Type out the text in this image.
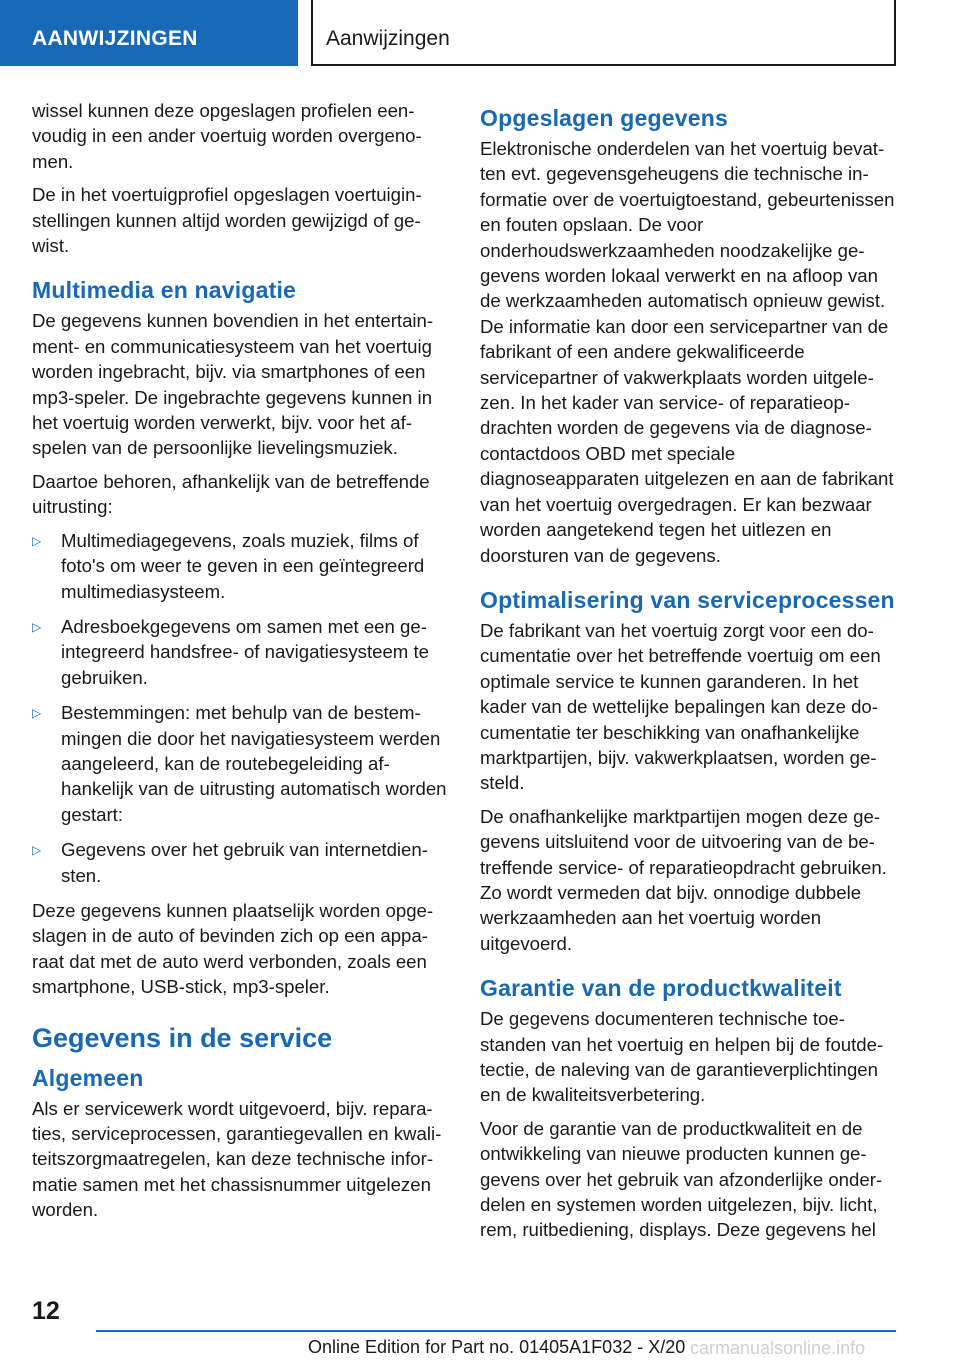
AANWIJZINGEN	Aanwijzingen

wissel kunnen deze opgeslagen profielen eenvoudig in een ander voertuig worden overgenomen.

De in het voertuigprofiel opgeslagen voertuiginstellingen kunnen altijd worden gewijzigd of gewist.

Multimedia en navigatie

De gegevens kunnen bovendien in het entertainment- en communicatiesysteem van het voertuig worden ingebracht, bijv. via smartphones of een mp3-speler. De ingebrachte gegevens kunnen in het voertuig worden verwerkt, bijv. voor het afspelen van de persoonlijke lievelingsmuziek.

Daartoe behoren, afhankelijk van de betreffende uitrusting:

▷ Multimediagegevens, zoals muziek, films of foto's om weer te geven in een geïntegreerd multimediasysteem.
▷ Adresboekgegevens om samen met een geintegreerd handsfree- of navigatiesysteem te gebruiken.
▷ Bestemmingen: met behulp van de bestemmingen die door het navigatiesysteem werden aangeleerd, kan de routebegeleiding afhankelijk van de uitrusting automatisch worden gestart:
▷ Gegevens over het gebruik van internetdiensten.

Deze gegevens kunnen plaatselijk worden opgeslagen in de auto of bevinden zich op een apparaat dat met de auto werd verbonden, zoals een smartphone, USB-stick, mp3-speler.

Gegevens in de service
Algemeen

Als er servicewerk wordt uitgevoerd, bijv. reparaties, serviceprocessen, garantiegevallen en kwaliteitszorgmaatregelen, kan deze technische informatie samen met het chassisnummer uitgelezen worden.

Opgeslagen gegevens

Elektronische onderdelen van het voertuig bevatten evt. gegevensgeheugens die technische informatie over de voertuigtoestand, gebeurtenissen en fouten opslaan. De voor onderhoudswerkzaamheden noodzakelijke gegevens worden lokaal verwerkt en na afloop van de werkzaamheden automatisch opnieuw gewist. De informatie kan door een servicepartner van de fabrikant of een andere gekwalificeerde servicepartner of vakwerkplaats worden uitgelezen. In het kader van service- of reparatieopdrachten worden de gegevens via de diagnosecontactdoos OBD met speciale diagnoseapparaten uitgelezen en aan de fabrikant van het voertuig overgedragen. Er kan bezwaar worden aangetekend tegen het uitlezen en doorsturen van de gegevens.

Optimalisering van serviceprocessen

De fabrikant van het voertuig zorgt voor een documentatie over het betreffende voertuig om een optimale service te kunnen garanderen. In het kader van de wettelijke bepalingen kan deze documentatie ter beschikking van onafhankelijke marktpartijen, bijv. vakwerkplaatsen, worden gesteld.

De onafhankelijke marktpartijen mogen deze gegevens uitsluitend voor de uitvoering van de betreffende service- of reparatieopdracht gebruiken. Zo wordt vermeden dat bijv. onnodige dubbele werkzaamheden aan het voertuig worden uitgevoerd.

Garantie van de productkwaliteit

De gegevens documenteren technische toestanden van het voertuig en helpen bij de foutdetectie, de naleving van de garantieverplichtingen en de kwaliteitsverbetering.

Voor de garantie van de productkwaliteit en de ontwikkeling van nieuwe producten kunnen gegevens over het gebruik van afzonderlijke onderdelen en systemen worden uitgelezen, bijv. licht, rem, ruitbediening, displays. Deze gegevens hel

12
Online Edition for Part no. 01405A1F032 - X/20 carmanualsonline.info
